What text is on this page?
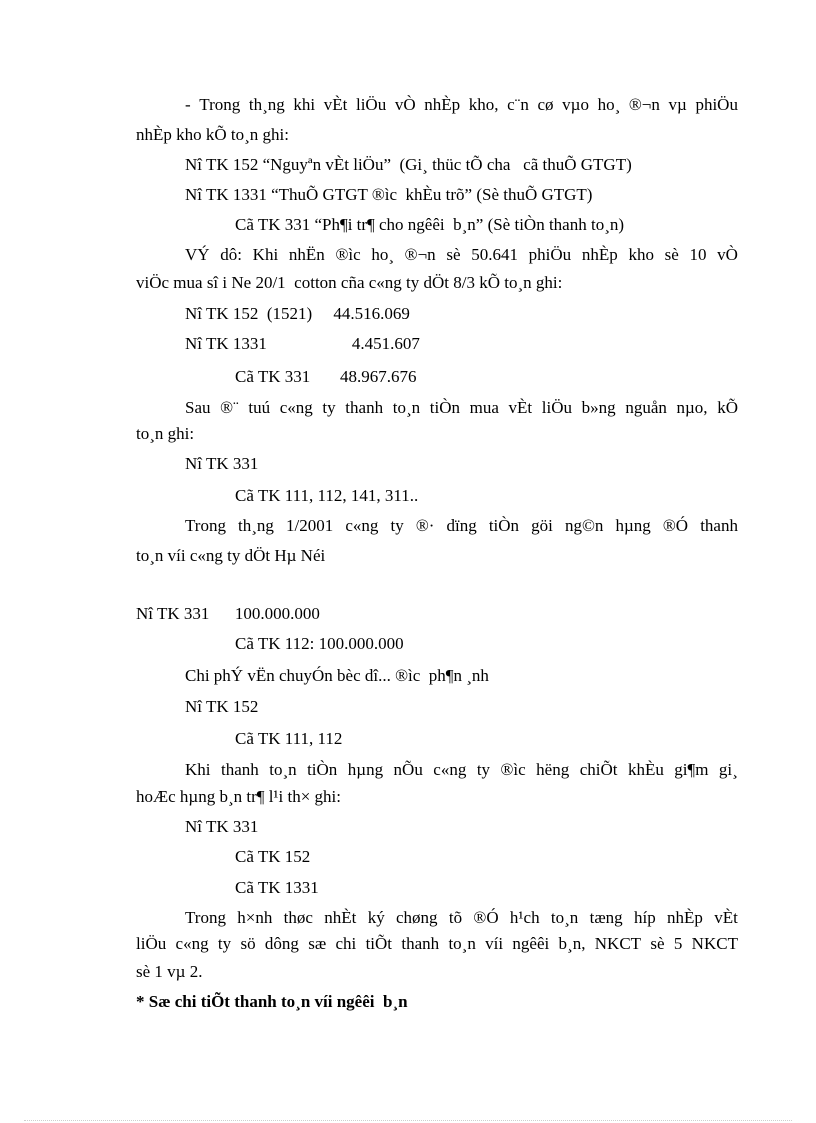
- Trong th¸ng khi vÈt liÖu vÒ nhÈp kho, c¨n cø vµo ho¸ ®¬n vµ phiÖu
nhÈp kho kÕ to¸n ghi:
Nî TK 152 “Nguyªn vÈt liÖu”  (Gi¸ thüc tÕ cha   cã thuÕ GTGT)
Nî TK 1331 “ThuÕ GTGT ®ìc  khÈu trõ” (Sè thuÕ GTGT)
Cã TK 331 “Ph¶i tr¶ cho ngêêi  b¸n” (Sè tiÒn thanh to¸n)
VÝ dô: Khi nhËn ®ìc ho¸ ®¬n sè 50.641 phiÖu nhÈp kho sè 10 vÒ
viÖc mua sî i Ne 20/1  cotton cña c«ng ty dÖt 8/3 kÕ to¸n ghi:
Nî TK 152  (1521)     44.516.069
Nî TK 1331                    4.451.607
Cã TK 331       48.967.676
Sau ®¨ tuú c«ng ty thanh to¸n tiÒn mua vÈt liÖu b»ng nguån nµo, kÕ
to¸n ghi:
Nî TK 331
Cã TK 111, 112, 141, 311..
Trong th¸ng 1/2001 c«ng ty ®· dïng tiÒn göi ng©n hµng ®Ó thanh
to¸n víi c«ng ty dÖt Hµ Néi
Nî TK 331      100.000.000
Cã TK 112: 100.000.000
Chi phÝ vËn chuyÓn bèc dî... ®ìc  ph¶n ¸nh
Nî TK 152
Cã TK 111, 112
Khi thanh to¸n tiÒn hµng nÕu c«ng ty ®ìc hëng chiÕt khÈu gi¶m gi¸
hoÆc hµng b¸n tr¶ l¹i th× ghi:
Nî TK 331
Cã TK 152
Cã TK 1331
Trong h×nh thøc nhÈt ký chøng tõ ®Ó h¹ch to¸n tæng híp nhÈp vÈt
liÖu c«ng ty sö dông sæ chi tiÕt thanh to¸n víi ngêêi b¸n, NKCT sè 5 NKCT
sè 1 vµ 2.
* Sæ chi tiÕt thanh to¸n víi ngêêi  b¸n
